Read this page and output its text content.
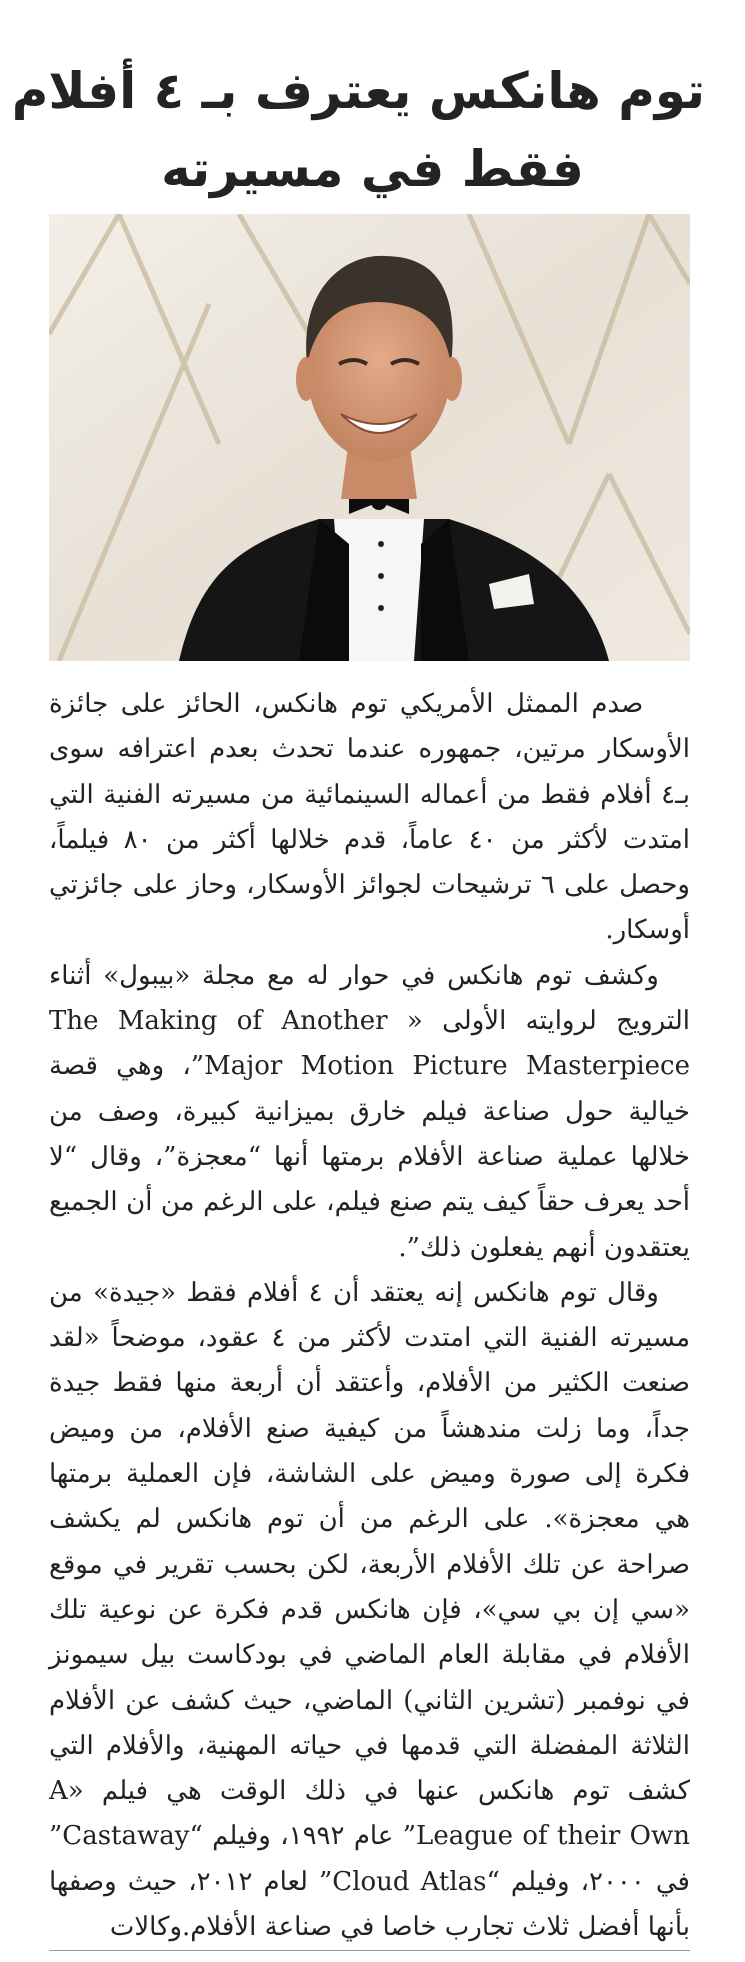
توم هانكس يعترف بـ ٤ أفلام
فقط في مسيرته

صدم الممثل الأمريكي توم هانكس، الحائز على جائزة الأوسكار مرتين، جمهوره عندما تحدث بعدم اعترافه سوى بـ٤ أفلام فقط من أعماله السينمائية من مسيرته الفنية التي امتدت لأكثر من ٤٠ عاماً، قدم خلالها أكثر من ٨٠ فيلماً، وحصل على ٦ ترشيحات لجوائز الأوسكار، وحاز على جائزتي أوسكار.

وكشف توم هانكس في حوار له مع مجلة «بيبول» أثناء الترويج لروايته الأولى « The Making of Another Major Motion Picture Masterpiece”، وهي قصة خيالية حول صناعة فيلم خارق بميزانية كبيرة، وصف من خلالها عملية صناعة الأفلام برمتها أنها “معجزة”، وقال “لا أحد يعرف حقاً كيف يتم صنع فيلم، على الرغم من أن الجميع يعتقدون أنهم يفعلون ذلك”.

وقال توم هانكس إنه يعتقد أن ٤ أفلام فقط «جيدة» من مسيرته الفنية التي امتدت لأكثر من ٤ عقود، موضحاً «لقد صنعت الكثير من الأفلام، وأعتقد أن أربعة منها فقط جيدة جداً، وما زلت مندهشاً من كيفية صنع الأفلام، من وميض فكرة إلى صورة وميض على الشاشة، فإن العملية برمتها هي معجزة». على الرغم من أن توم هانكس لم يكشف صراحة عن تلك الأفلام الأربعة، لكن بحسب تقرير في موقع «سي إن بي سي»، فإن هانكس قدم فكرة عن نوعية تلك الأفلام في مقابلة العام الماضي في بودكاست بيل سيمونز في نوفمبر (تشرين الثاني) الماضي، حيث كشف عن الأفلام الثلاثة المفضلة التي قدمها في حياته المهنية، والأفلام التي كشف توم هانكس عنها في ذلك الوقت هي فيلم «A League of their Own” عام ١٩٩٢، وفيلم “Castaway” في ٢٠٠٠، وفيلم “Cloud Atlas” لعام ٢٠١٢، حيث وصفها بأنها أفضل ثلاث تجارب خاصا في صناعة الأفلام.وكالات
